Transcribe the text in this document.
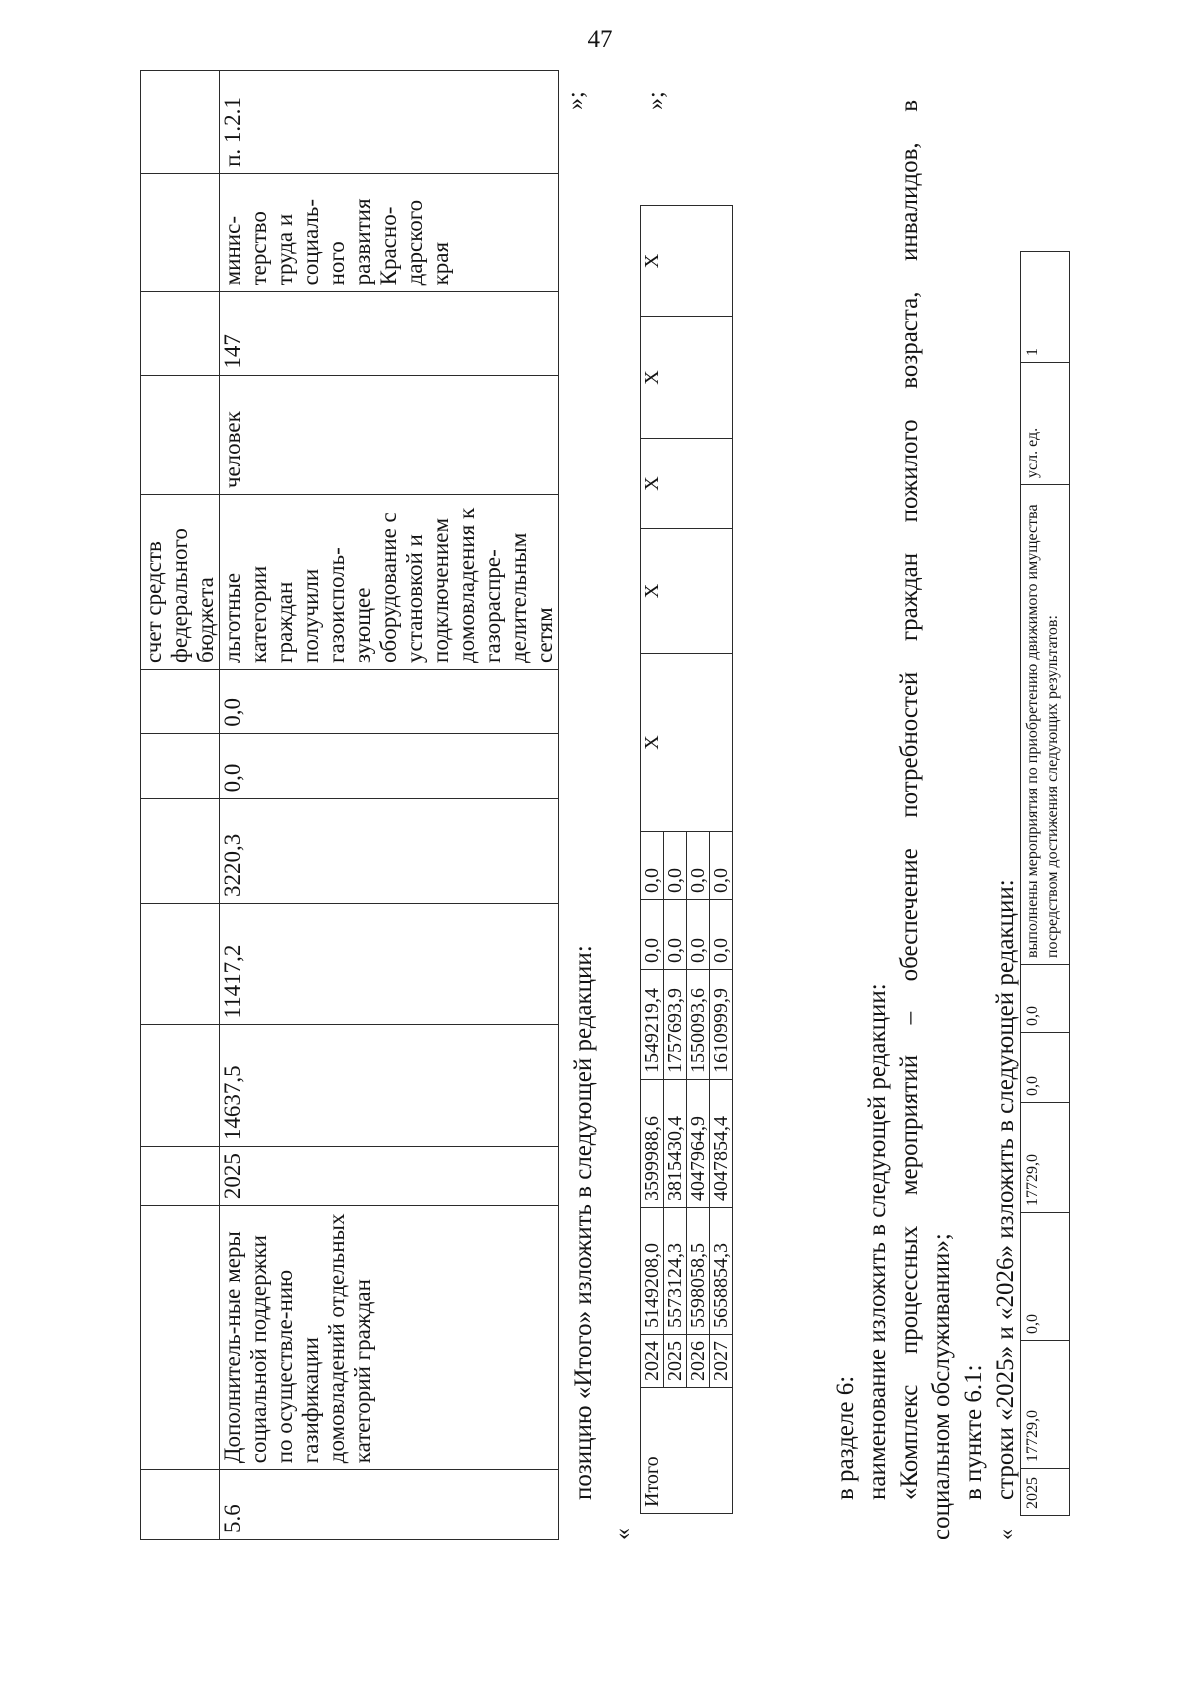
47
								счет средств федерального бюджета				
5.6	Дополнитель-ные меры социальной поддержки по осуществле-нию газификации домовладений отдельных категорий граждан	2025	14637,5	11417,2	3220,3	0,0	0,0	льготные категории граждан получили газоисполь-зующее оборудование с установкой и подключением домовладения к газораспре-делительным сетям	человек	147	минис-терство труда и социаль-ного развития Красно-дарского края	п. 1.2.1	»;
позицию «Итого» изложить в следующей редакции:
«
Итого	2024	5149208,0	3599988,6	1549219,4	0,0	0,0	Х	Х	Х	Х	Х
	2025	5573124,3	3815430,4	1757693,9	0,0	0,0					
	2026	5598058,5	4047964,9	1550093,6	0,0	0,0					
	2027	5658854,3	4047854,4	1610999,9	0,0	0,0					
»;
в разделе 6: наименование изложить в следующей редакции: «Комплекс процессных мероприятий – обеспечение потребностей граждан пожилого возраста, инвалидов, в социальном обслуживании»; в пункте 6.1: строки «2025» и «2026» изложить в следующей редакции:
«
2025	17729,0	0,0	17729,0	0,0	0,0	выполнены мероприятия по приобретению движимого имущества посредством достижения следующих результатов:	усл. ед.	1
